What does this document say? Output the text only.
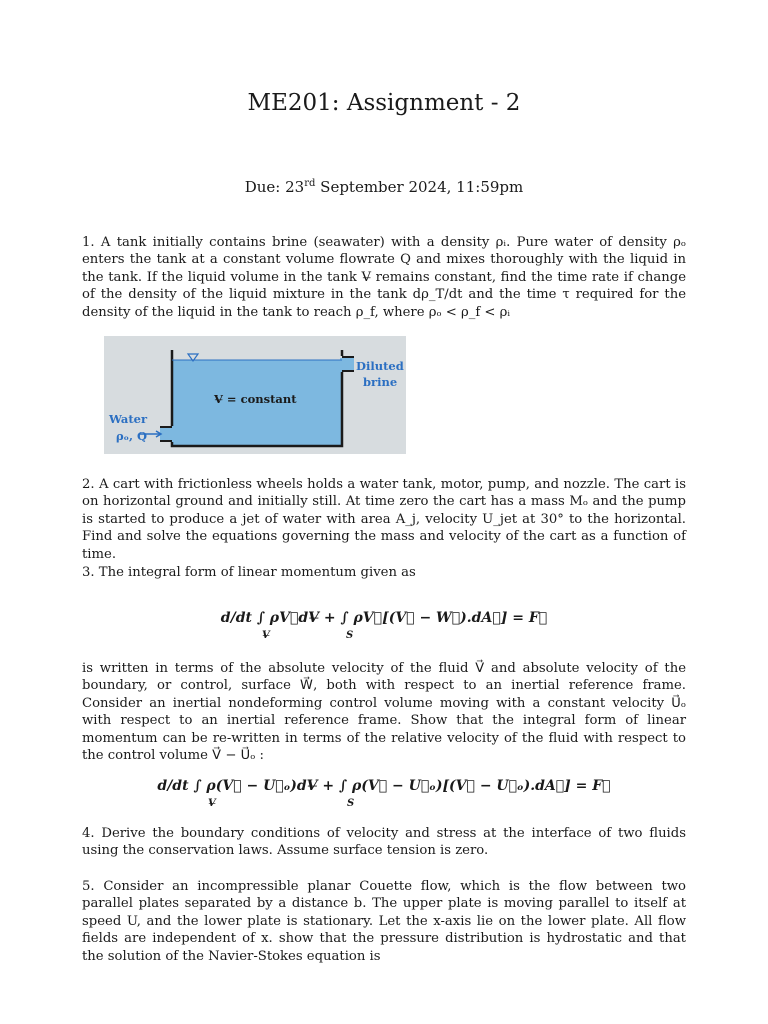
ME201: Assignment - 2
Due: 23rd September 2024, 11:59pm
1. A tank initially contains brine (seawater) with a density ρᵢ. Pure water of density ρₒ enters the tank at a constant volume flowrate Q and mixes thoroughly with the liquid in the tank. If the liquid volume in the tank V̶ remains constant, find the time rate if change of the density of the liquid mixture in the tank dρ_T/dt and the time τ required for the density of the liquid in the tank to reach ρ_f, where ρₒ < ρ_f < ρᵢ
V̶ = constant
Diluted
brine
Water
ρₒ, Q
2. A cart with frictionless wheels holds a water tank, motor, pump, and nozzle. The cart is on horizontal ground and initially still. At time zero the cart has a mass Mₒ and the pump is started to produce a jet of water with area A_j, velocity U_jet at 30° to the horizontal. Find and solve the equations governing the mass and velocity of the cart as a function of time.
3. The integral form of linear momentum given as
d/dt ∫ ρV⃗dV̶ + ∫ ρV⃗[(V⃗ − W⃗).dA⃗] = F⃗
V̶	S
is written in terms of the absolute velocity of the fluid V⃗ and absolute velocity of the boundary, or control, surface W⃗, both with respect to an inertial reference frame. Consider an inertial nondeforming control volume moving with a constant velocity U⃗ₒ with respect to an inertial reference frame. Show that the integral form of linear momentum can be re-written in terms of the relative velocity of the fluid with respect to the control volume V⃗ − U⃗ₒ :
d/dt ∫ ρ(V⃗ − U⃗ₒ)dV̶ + ∫ ρ(V⃗ − U⃗ₒ)[(V⃗ − U⃗ₒ).dA⃗] = F⃗
V̶	S
4. Derive the boundary conditions of velocity and stress at the interface of two fluids using the conservation laws. Assume surface tension is zero.
5. Consider an incompressible planar Couette flow, which is the flow between two parallel plates separated by a distance b. The upper plate is moving parallel to itself at speed U, and the lower plate is stationary. Let the x-axis lie on the lower plate. All flow fields are independent of x. show that the pressure distribution is hydrostatic and that the solution of the Navier-Stokes equation is
